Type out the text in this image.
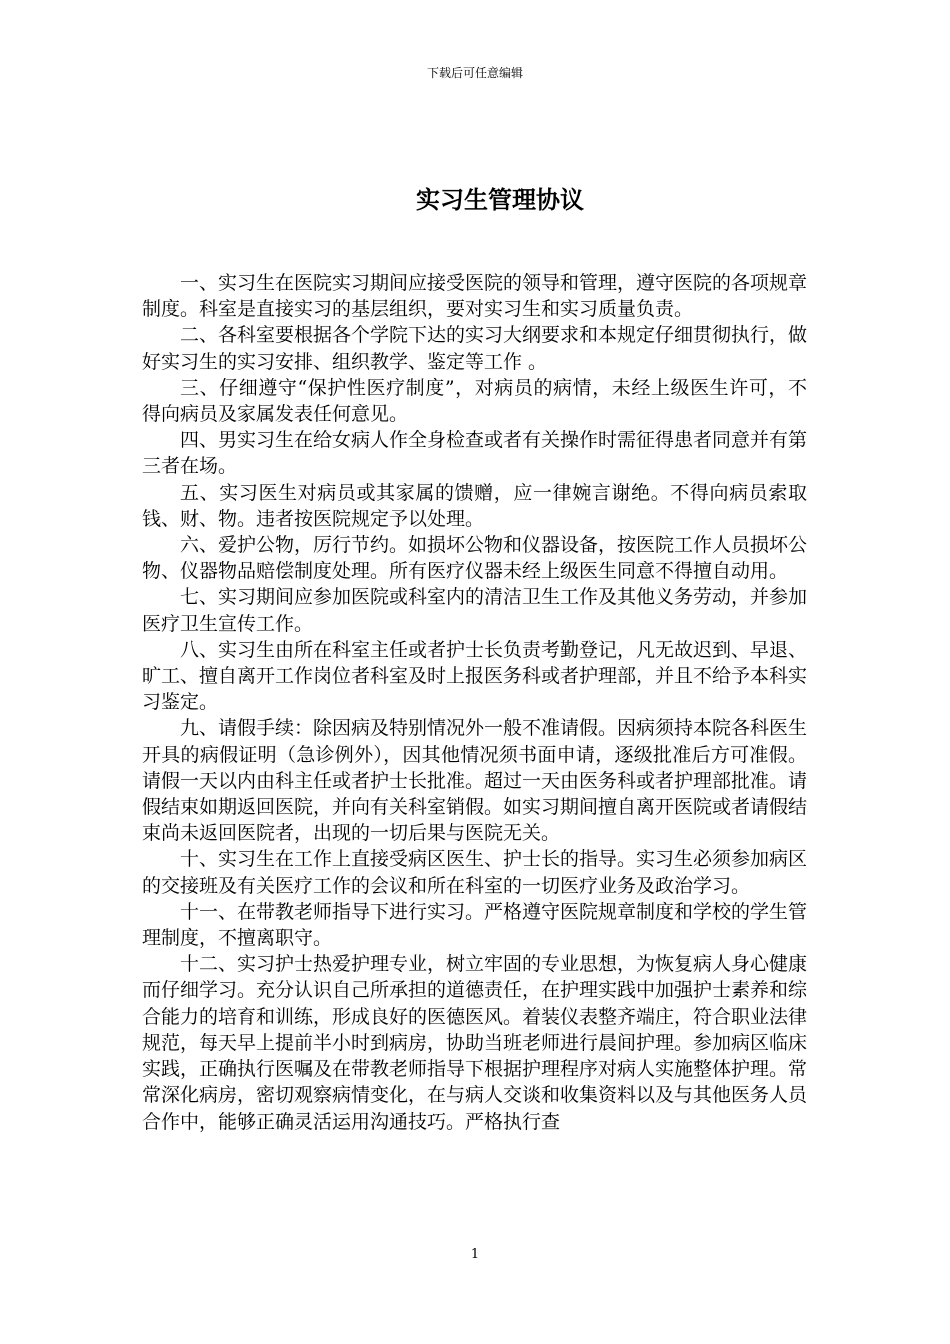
下载后可任意编辑
实习生管理协议

一、实习生在医院实习期间应接受医院的领导和管理，遵守医院的各项规章制度。科室是直接实习的基层组织，要对实习生和实习质量负责。

二、各科室要根据各个学院下达的实习大纲要求和本规定仔细贯彻执行，做好实习生的实习安排、组织教学、鉴定等工作 。

三、仔细遵守“保护性医疗制度”，对病员的病情，未经上级医生许可，不得向病员及家属发表任何意见。

四、男实习生在给女病人作全身检查或者有关操作时需征得患者同意并有第三者在场。

五、实习医生对病员或其家属的馈赠，应一律婉言谢绝。不得向病员索取钱、财、物。违者按医院规定予以处理。

六、爱护公物，厉行节约。如损坏公物和仪器设备，按医院工作人员损坏公物、仪器物品赔偿制度处理。所有医疗仪器未经上级医生同意不得擅自动用。

七、实习期间应参加医院或科室内的清洁卫生工作及其他义务劳动，并参加医疗卫生宣传工作。

八、实习生由所在科室主任或者护士长负责考勤登记，凡无故迟到、早退、旷工、擅自离开工作岗位者科室及时上报医务科或者护理部，并且不给予本科实习鉴定。

九、请假手续：除因病及特别情况外一般不准请假。因病须持本院各科医生开具的病假证明（急诊例外），因其他情况须书面申请，逐级批准后方可准假。请假一天以内由科主任或者护士长批准。超过一天由医务科或者护理部批准。请假结束如期返回医院，并向有关科室销假。如实习期间擅自离开医院或者请假结束尚未返回医院者，出现的一切后果与医院无关。

十、实习生在工作上直接受病区医生、护士长的指导。实习生必须参加病区的交接班及有关医疗工作的会议和所在科室的一切医疗业务及政治学习。

十一、在带教老师指导下进行实习。严格遵守医院规章制度和学校的学生管理制度，不擅离职守。

十二、实习护士热爱护理专业，树立牢固的专业思想，为恢复病人身心健康而仔细学习。充分认识自己所承担的道德责任，在护理实践中加强护士素养和综合能力的培育和训练，形成良好的医德医风。着装仪表整齐端庄，符合职业法律规范，每天早上提前半小时到病房，协助当班老师进行晨间护理。参加病区临床实践，正确执行医嘱及在带教老师指导下根据护理程序对病人实施整体护理。常常深化病房，密切观察病情变化，在与病人交谈和收集资料以及与其他医务人员合作中，能够正确灵活运用沟通技巧。严格执行查

1
